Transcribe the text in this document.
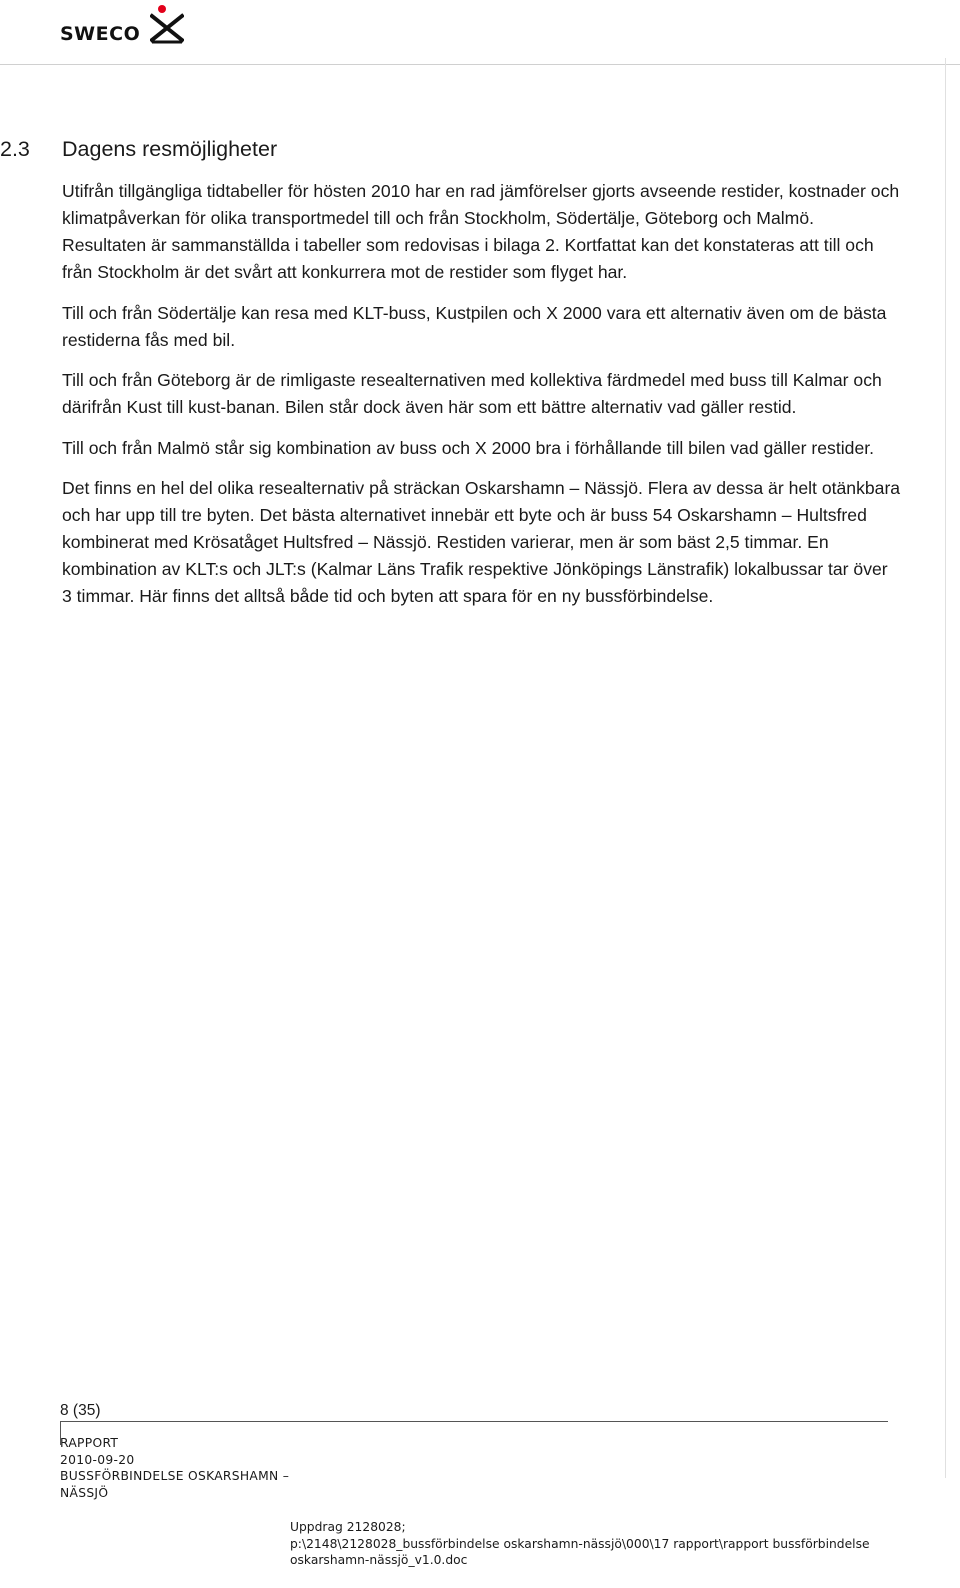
SWECO
2.3 Dagens resmöjligheter

Utifrån tillgängliga tidtabeller för hösten 2010 har en rad jämförelser gjorts avseende restider, kostnader och klimatpåverkan för olika transportmedel till och från Stockholm, Södertälje, Göteborg och Malmö. Resultaten är sammanställda i tabeller som redovisas i bilaga 2. Kortfattat kan det konstateras att till och från Stockholm är det svårt att konkurrera mot de restider som flyget har.

Till och från Södertälje kan resa med KLT-buss, Kustpilen och X 2000 vara ett alternativ även om de bästa restiderna fås med bil.

Till och från Göteborg är de rimligaste resealternativen med kollektiva färdmedel med buss till Kalmar och därifrån Kust till kust-banan. Bilen står dock även här som ett bättre alternativ vad gäller restid.

Till och från Malmö står sig kombination av buss och X 2000 bra i förhållande till bilen vad gäller restider.

Det finns en hel del olika resealternativ på sträckan Oskarshamn – Nässjö. Flera av dessa är helt otänkbara och har upp till tre byten. Det bästa alternativet innebär ett byte och är buss 54 Oskarshamn – Hultsfred kombinerat med Krösatåget Hultsfred – Nässjö. Restiden varierar, men är som bäst 2,5 timmar. En kombination av KLT:s och JLT:s (Kalmar Läns Trafik respektive Jönköpings Länstrafik) lokalbussar tar över 3 timmar. Här finns det alltså både tid och byten att spara för en ny bussförbindelse.

8 (35)
RAPPORT
2010-09-20
BUSSFÖRBINDELSE OSKARSHAMN –
NÄSSJÖ
Uppdrag 2128028;
p:\2148\2128028_bussförbindelse oskarshamn-nässjö\000\17 rapport\rapport bussförbindelse
oskarshamn-nässjö_v1.0.doc
